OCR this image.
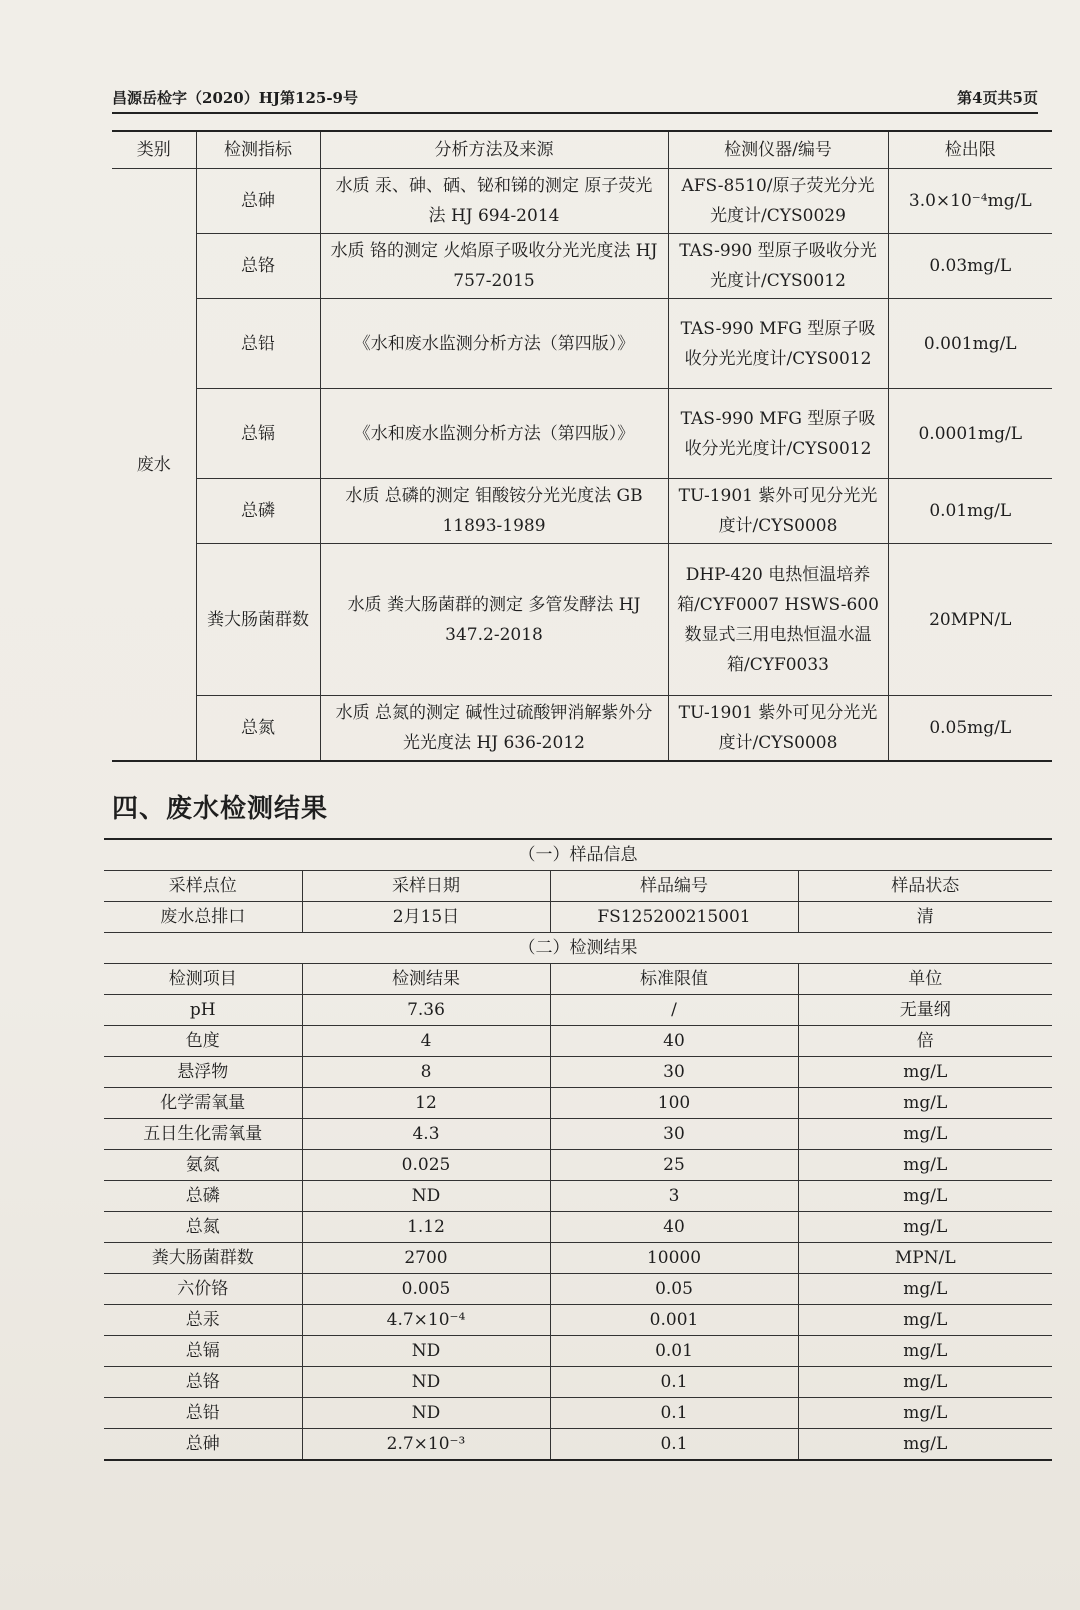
昌源岳检字（2020）HJ第125-9号	第4页共5页
类别	检测指标	分析方法及来源	检测仪器/编号	检出限
废水	总砷	水质 汞、砷、硒、铋和锑的测定 原子荧光法 HJ 694-2014	AFS-8510/原子荧光分光光度计/CYS0029	3.0×10⁻⁴mg/L
	总铬	水质 铬的测定 火焰原子吸收分光光度法 HJ 757-2015	TAS-990 型原子吸收分光光度计/CYS0012	0.03mg/L
	总铅	《水和废水监测分析方法（第四版）》	TAS-990 MFG 型原子吸收分光光度计/CYS0012	0.001mg/L
	总镉	《水和废水监测分析方法（第四版）》	TAS-990 MFG 型原子吸收分光光度计/CYS0012	0.0001mg/L
	总磷	水质 总磷的测定 钼酸铵分光光度法 GB 11893-1989	TU-1901 紫外可见分光光度计/CYS0008	0.01mg/L
	粪大肠菌群数	水质 粪大肠菌群的测定 多管发酵法 HJ 347.2-2018	DHP-420 电热恒温培养箱/CYF0007 HSWS-600 数显式三用电热恒温水温箱/CYF0033	20MPN/L
	总氮	水质 总氮的测定 碱性过硫酸钾消解紫外分光光度法 HJ 636-2012	TU-1901 紫外可见分光光度计/CYS0008	0.05mg/L
四、废水检测结果
（一）样品信息			
采样点位	采样日期	样品编号	样品状态
废水总排口	2月15日	FS125200215001	清
（二）检测结果			
检测项目	检测结果	标准限值	单位
pH	7.36	/	无量纲
色度	4	40	倍
悬浮物	8	30	mg/L
化学需氧量	12	100	mg/L
五日生化需氧量	4.3	30	mg/L
氨氮	0.025	25	mg/L
总磷	ND	3	mg/L
总氮	1.12	40	mg/L
粪大肠菌群数	2700	10000	MPN/L
六价铬	0.005	0.05	mg/L
总汞	4.7×10⁻⁴	0.001	mg/L
总镉	ND	0.01	mg/L
总铬	ND	0.1	mg/L
总铅	ND	0.1	mg/L
总砷	2.7×10⁻³	0.1	mg/L
